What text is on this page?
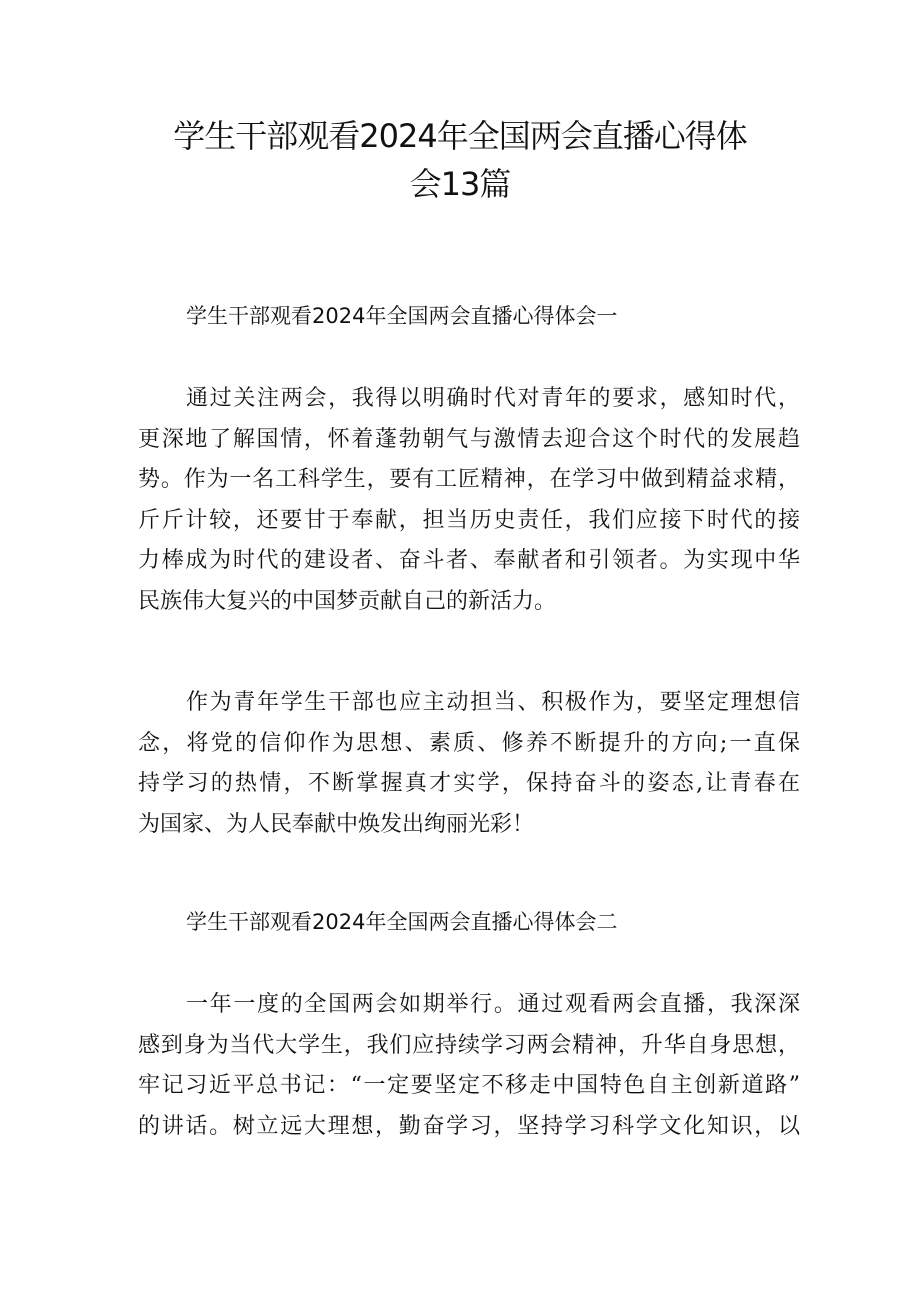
学生干部观看2024年全国两会直播心得体
会13篇
学生干部观看2024年全国两会直播心得体会一
通过关注两会，我得以明确时代对青年的要求，感知时代，
更深地了解国情，怀着蓬勃朝气与激情去迎合这个时代的发展趋
势。作为一名工科学生，要有工匠精神，在学习中做到精益求精，
斤斤计较，还要甘于奉献，担当历史责任，我们应接下时代的接
力棒成为时代的建设者、奋斗者、奉献者和引领者。为实现中华
民族伟大复兴的中国梦贡献自己的新活力。
作为青年学生干部也应主动担当、积极作为，要坚定理想信
念，将党的信仰作为思想、素质、修养不断提升的方向;一直保
持学习的热情，不断掌握真才实学，保持奋斗的姿态,让青春在
为国家、为人民奉献中焕发出绚丽光彩！
学生干部观看2024年全国两会直播心得体会二
一年一度的全国两会如期举行。通过观看两会直播，我深深
感到身为当代大学生，我们应持续学习两会精神，升华自身思想，
牢记习近平总书记：“一定要坚定不移走中国特色自主创新道路”
的讲话。树立远大理想，勤奋学习，坚持学习科学文化知识，以
